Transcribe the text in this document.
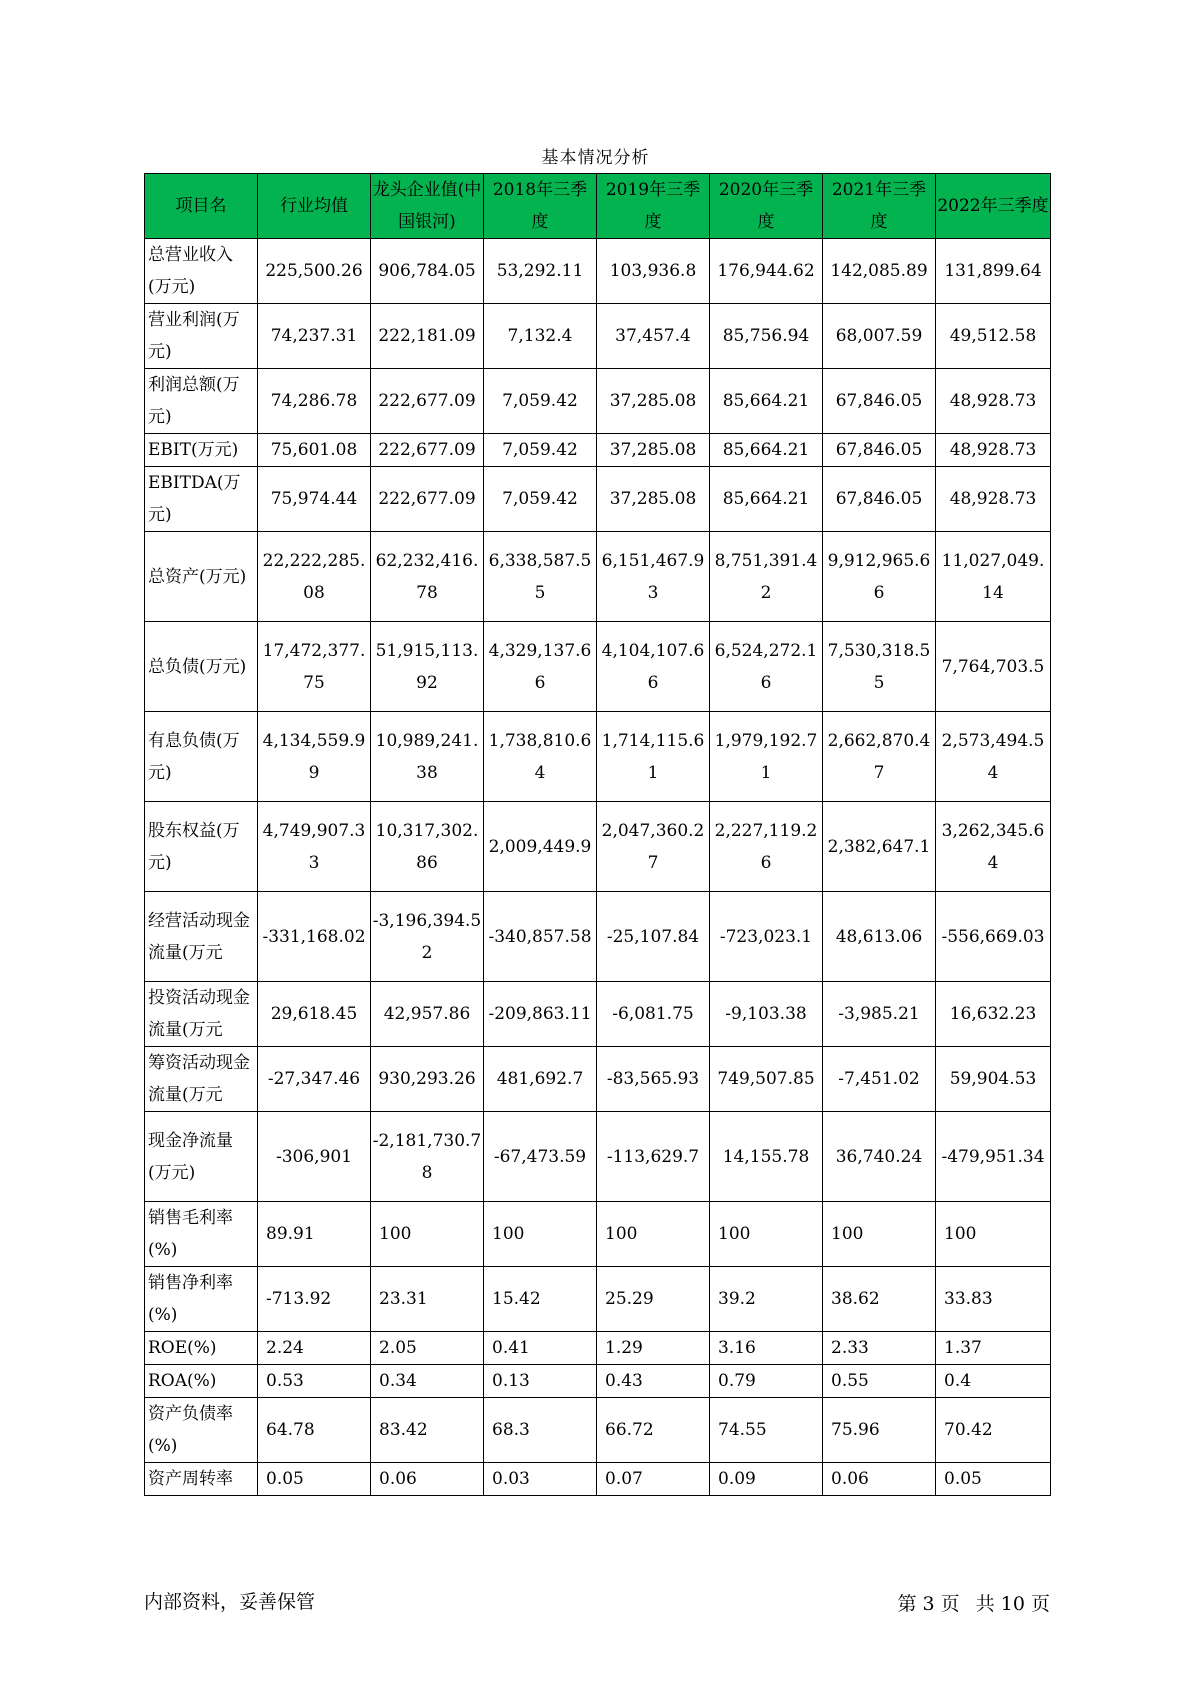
基本情况分析
项目名	行业均值	龙头企业值(中国银河)	2018年三季度	2019年三季度	2020年三季度	2021年三季度	2022年三季度
总营业收入(万元)	225,500.26	906,784.05	53,292.11	103,936.8	176,944.62	142,085.89	131,899.64
营业利润(万元)	74,237.31	222,181.09	7,132.4	37,457.4	85,756.94	68,007.59	49,512.58
利润总额(万元)	74,286.78	222,677.09	7,059.42	37,285.08	85,664.21	67,846.05	48,928.73
EBIT(万元)	75,601.08	222,677.09	7,059.42	37,285.08	85,664.21	67,846.05	48,928.73
EBITDA(万元)	75,974.44	222,677.09	7,059.42	37,285.08	85,664.21	67,846.05	48,928.73
总资产(万元)	22,222,285.08	62,232,416.78	6,338,587.55	6,151,467.93	8,751,391.42	9,912,965.66	11,027,049.14
总负债(万元)	17,472,377.75	51,915,113.92	4,329,137.66	4,104,107.66	6,524,272.16	7,530,318.55	7,764,703.5
有息负债(万元)	4,134,559.99	10,989,241.38	1,738,810.64	1,714,115.61	1,979,192.71	2,662,870.47	2,573,494.54
股东权益(万元)	4,749,907.33	10,317,302.86	2,009,449.9	2,047,360.27	2,227,119.26	2,382,647.1	3,262,345.64
经营活动现金流量(万元	-331,168.02	-3,196,394.52	-340,857.58	-25,107.84	-723,023.1	48,613.06	-556,669.03
投资活动现金流量(万元	29,618.45	42,957.86	-209,863.11	-6,081.75	-9,103.38	-3,985.21	16,632.23
筹资活动现金流量(万元	-27,347.46	930,293.26	481,692.7	-83,565.93	749,507.85	-7,451.02	59,904.53
现金净流量(万元)	-306,901	-2,181,730.78	-67,473.59	-113,629.7	14,155.78	36,740.24	-479,951.34
销售毛利率(%)	89.91	100	100	100	100	100	100
销售净利率(%)	-713.92	23.31	15.42	25.29	39.2	38.62	33.83
ROE(%)	2.24	2.05	0.41	1.29	3.16	2.33	1.37
ROA(%)	0.53	0.34	0.13	0.43	0.79	0.55	0.4
资产负债率(%)	64.78	83.42	68.3	66.72	74.55	75.96	70.42
资产周转率	0.05	0.06	0.03	0.07	0.09	0.06	0.05
内部资料，妥善保管	第 3 页 共 10 页
